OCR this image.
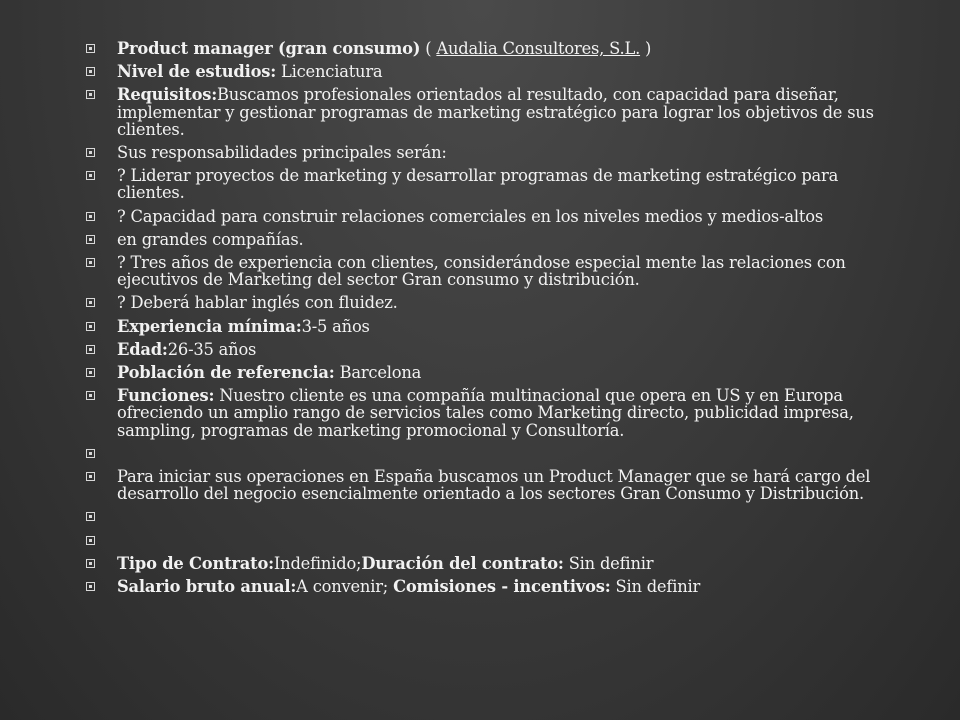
Product manager (gran consumo) ( Audalia Consultores, S.L. )
Nivel de estudios: Licenciatura
Requisitos:Buscamos profesionales orientados al resultado, con capacidad para diseñar, implementar y gestionar programas de marketing estratégico para lograr los objetivos de sus clientes.
Sus responsabilidades principales serán:
? Liderar proyectos de marketing y desarrollar programas de marketing estratégico para clientes.
? Capacidad para construir relaciones comerciales en los niveles medios y medios-altos
en grandes compañías.
? Tres años de experiencia con clientes, considerándose especial mente las relaciones con ejecutivos de Marketing del sector Gran consumo y distribución.
? Deberá hablar inglés con fluidez.
Experiencia mínima:3-5 años
Edad:26-35 años
Población de referencia: Barcelona
Funciones: Nuestro cliente es una compañía multinacional que opera en US y en Europa ofreciendo un amplio rango de servicios tales como Marketing directo, publicidad impresa, sampling, programas de marketing promocional y Consultoría.
Para iniciar sus operaciones en España buscamos un Product Manager que se hará cargo del desarrollo del negocio esencialmente orientado a los sectores Gran Consumo y Distribución.
Tipo de Contrato:Indefinido;Duración del contrato: Sin definir
Salario bruto anual:A convenir; Comisiones - incentivos: Sin definir
